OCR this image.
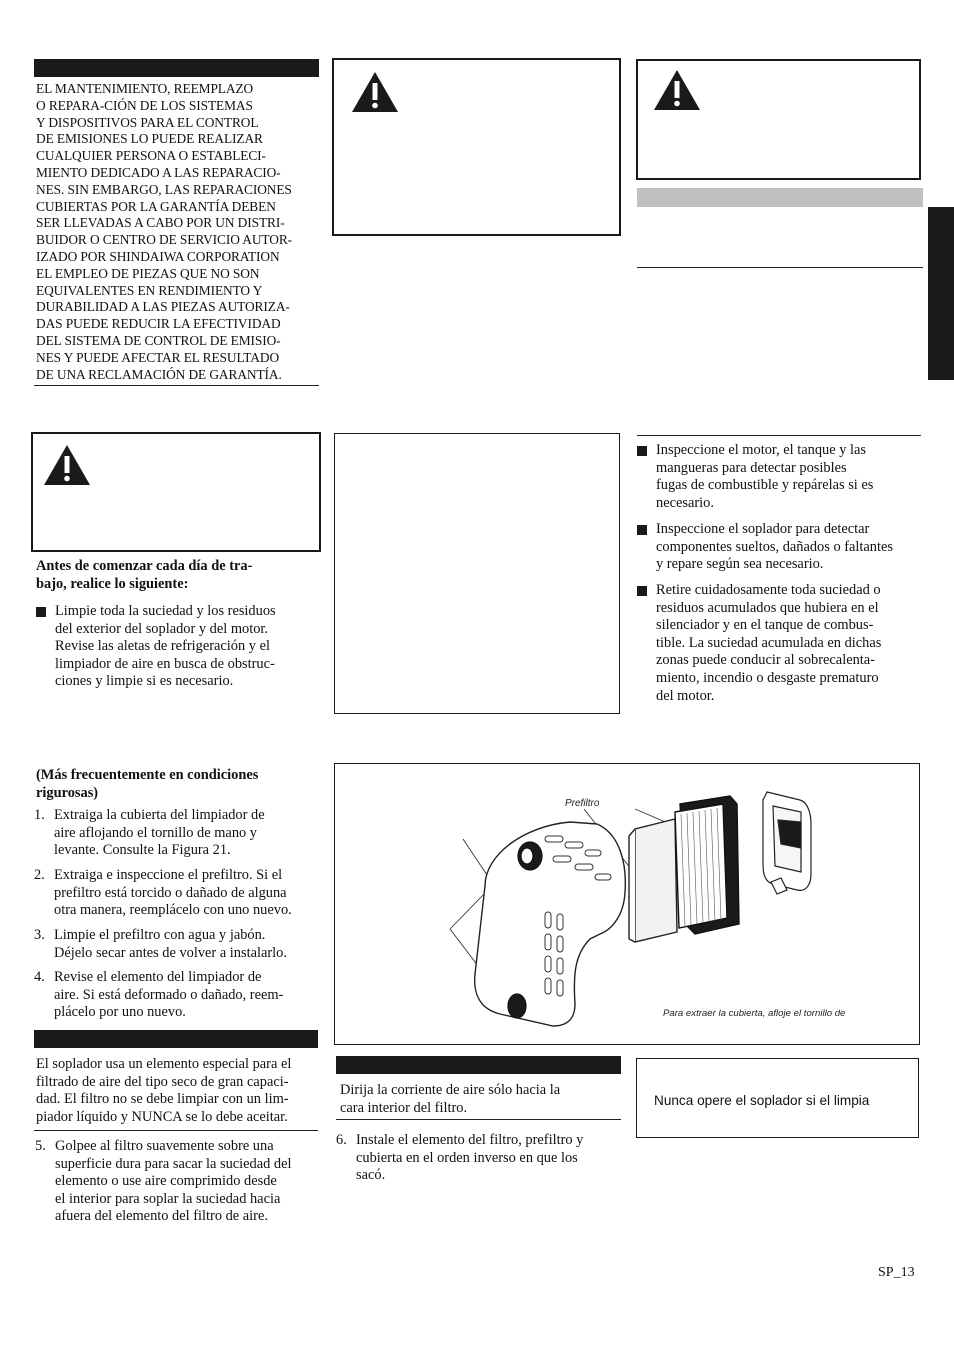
EL MANTENIMIENTO, REEMPLAZO
O REPARA-CIÓN DE LOS SISTEMAS
Y DISPOSITIVOS PARA EL CONTROL
DE EMISIONES LO PUEDE REALIZAR
CUALQUIER PERSONA O ESTABLECI-
MIENTO DEDICADO A LAS REPARACIO-
NES. SIN EMBARGO, LAS REPARACIONES
CUBIERTAS POR LA GARANTÍA DEBEN
SER LLEVADAS A CABO POR UN DISTRI-
BUIDOR O CENTRO DE SERVICIO AUTOR-
IZADO POR SHINDAIWA CORPORATION
EL EMPLEO DE PIEZAS QUE NO SON
EQUIVALENTES EN RENDIMIENTO Y
DURABILIDAD A LAS PIEZAS AUTORIZA-
DAS PUEDE REDUCIR LA EFECTIVIDAD
DEL SISTEMA DE CONTROL DE EMISIO-
NES Y PUEDE AFECTAR EL RESULTADO
DE UNA RECLAMACIÓN DE GARANTÍA.
Antes de comenzar cada día de tra-
bajo, realice lo siguiente:
Limpie toda la suciedad y los residuos
del exterior del soplador y del motor.
Revise las aletas de refrigeración y el
limpiador de aire en busca de obstruc-
ciones y limpie si es necesario.
Inspeccione el motor, el tanque y las
mangueras para detectar posibles
fugas de combustible y repárelas si es
necesario.
Inspeccione el soplador para detectar
componentes sueltos, dañados o faltantes
y repare según sea necesario.
Retire cuidadosamente toda suciedad o
residuos acumulados que hubiera en el
silenciador y en el tanque de combus-
tible. La suciedad acumulada en dichas
zonas puede conducir al sobrecalenta-
miento, incendio o desgaste prematuro
del motor.
(Más frecuentemente en condiciones
rigurosas)
1. Extraiga la cubierta del limpiador de
aire aflojando el tornillo de mano y
levante. Consulte la Figura 21.
2. Extraiga e inspeccione el prefiltro. Si el
prefiltro está torcido o dañado de alguna
otra manera, reemplácelo con uno nuevo.
3. Limpie el prefiltro con agua y jabón.
Déjelo secar antes de volver a instalarlo.
4. Revise el elemento del limpiador de
aire. Si está deformado o dañado, reem-
plácelo por uno nuevo.
El soplador usa un elemento especial para el
filtrado de aire del tipo seco de gran capaci-
dad. El filtro no se debe limpiar con un lim-
piador líquido y NUNCA se lo debe aceitar.
5. Golpee al filtro suavemente sobre una
superficie dura para sacar la suciedad del
elemento o use aire comprimido desde
el interior para soplar la suciedad hacia
afuera del elemento del filtro de aire.
Prefiltro
Para extraer la cubierta, afloje el tornillo de
Dirija la corriente de aire sólo hacia la
cara interior del filtro.
6. Instale el elemento del filtro, prefiltro y
cubierta en el orden inverso en que los
sacó.
Nunca opere el soplador si el limpia
SP_13
